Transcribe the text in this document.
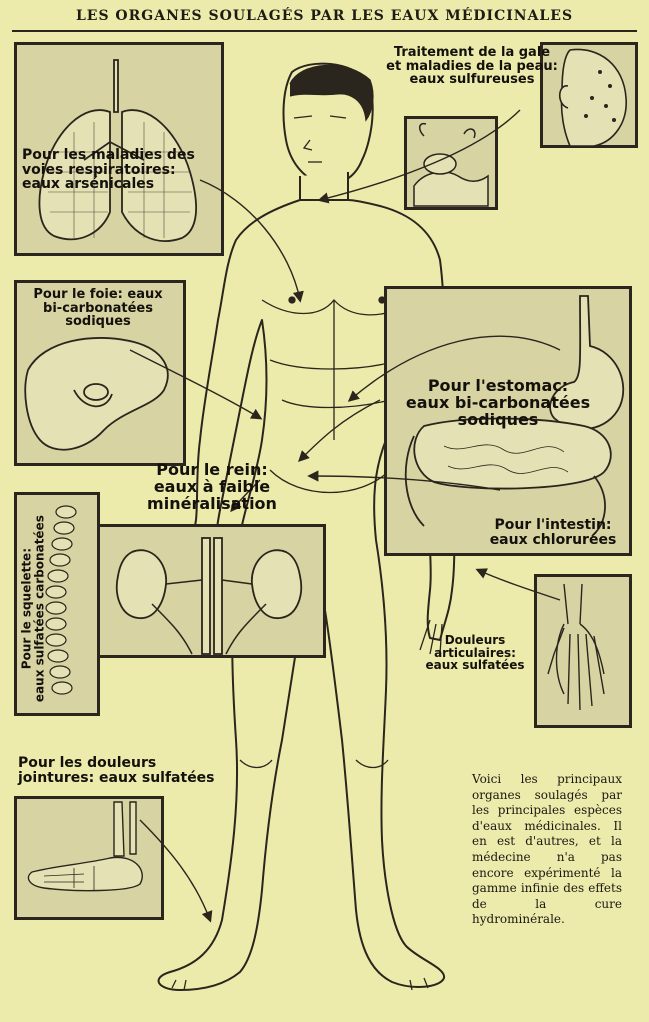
LES ORGANES SOULAGÉS PAR LES EAUX MÉDICINALES
Pour les maladies des
voies respiratoires:
eaux arsénicales
Traitement de la gale
et maladies de la peau:
eaux sulfureuses
Pour le foie: eaux
bi-carbonatées
sodiques
Pour l'estomac:
eaux bi-carbonatées
sodiques
Pour le rein:
eaux à faible
minéralisation
Pour l'intestin:
eaux chlorurées
Pour le squelette:
eaux sulfatées carbonatées	Douleurs
articulaires:
eaux sulfatées
Pour les douleurs
jointures: eaux sulfatées	Voici les principaux organes soulagés par les principales espèces d'eaux médicinales. Il en est d'autres, et la médecine n'a pas encore expérimenté la gamme infinie des effets de la cure hydrominérale.
